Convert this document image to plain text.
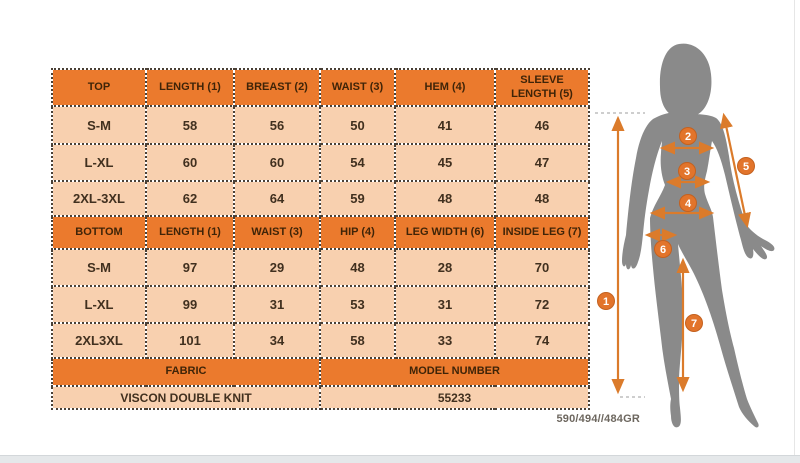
TOP	LENGTH (1)	BREAST (2)	WAIST (3)	HEM (4)	SLEEVE LENGTH (5)
S-M	58	56	50	41	46
L-XL	60	60	54	45	47
2XL-3XL	62	64	59	48	48
BOTTOM	LENGTH (1)	WAIST (3)	HIP (4)	LEG WIDTH (6)	INSIDE LEG (7)
S-M	97	29	48	28	70
L-XL	99	31	53	31	72
2XL3XL	101	34	58	33	74
FABRIC			MODEL NUMBER		
VISCON DOUBLE KNIT			55233		
1
2
3
4
5
6
7
590/494//484GR
